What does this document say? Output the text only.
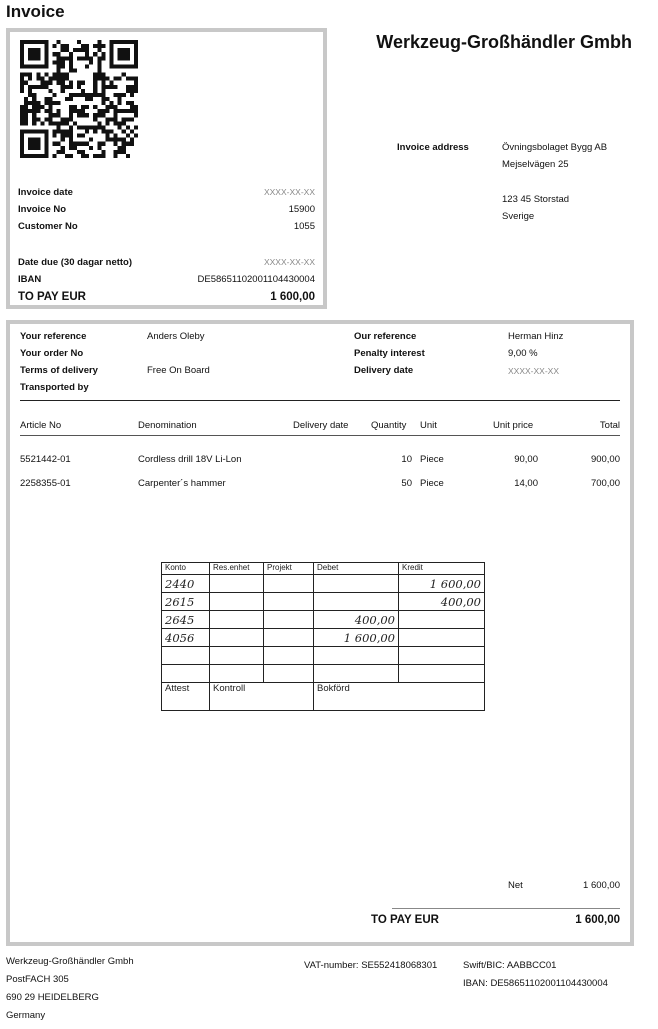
Invoice
Werkzeug-Großhändler Gmbh
Invoice date	XXXX-XX-XX
Invoice No	15900
Customer No	1055
Date due (30 dagar netto)	XXXX-XX-XX
IBAN	DE58651102001104430004
TO PAY EUR	1 600,00
Invoice address	Övningsbolaget Bygg AB
Mejselvägen 25
123 45 Storstad
Sverige
Your reference	Anders Oleby
Your order No
Terms of delivery	Free On Board
Transported by
Our reference	Herman Hinz
Penalty interest	9,00 %
Delivery date	XXXX-XX-XX
Article No	Denomination	Delivery date Quantity Unit	Unit price	Total
5521442-01	Cordless drill 18V Li-Lon	10 Piece	90,00	900,00
2258355-01	Carpenter´s hammer	50 Piece	14,00	700,00
Konto	Res.enhet	Projekt	Debet	Kredit
2440				1 600,00
2615				400,00
2645			400,00	
4056			1 600,00	

Attest	Kontroll		Bokförd	
Net	1 600,00
TO PAY EUR	1 600,00
Werkzeug-Großhändler Gmbh
PostFACH 305
690 29 HEIDELBERG
Germany
VAT-number: SE552418068301	Swift/BIC: AABBCC01
IBAN: DE58651102001104430004
